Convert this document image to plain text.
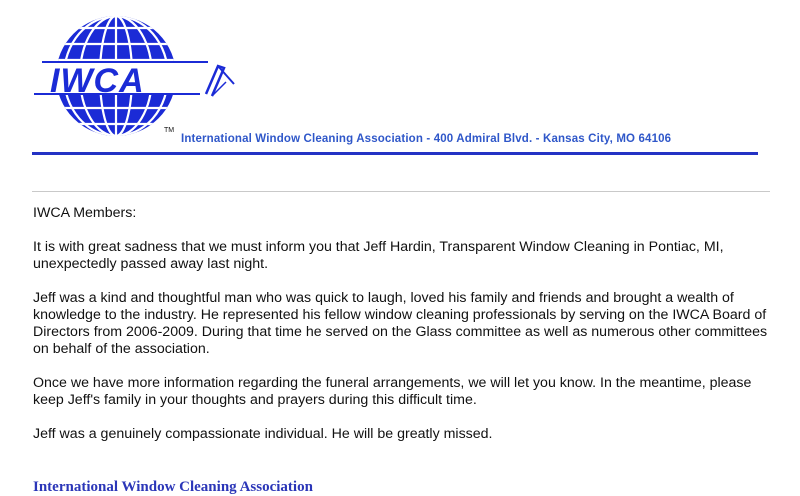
IWCA
TM
International Window Cleaning Association - 400 Admiral Blvd. - Kansas City, MO 64106

IWCA Members:

It is with great sadness that we must inform you that Jeff Hardin, Transparent Window Cleaning in Pontiac, MI, unexpectedly passed away last night.

Jeff was a kind and thoughtful man who was quick to laugh, loved his family and friends and brought a wealth of knowledge to the industry. He represented his fellow window cleaning professionals by serving on the IWCA Board of Directors from 2006-2009. During that time he served on the Glass committee as well as numerous other committees on behalf of the association.

Once we have more information regarding the funeral arrangements, we will let you know. In the meantime, please keep Jeff's family in your thoughts and prayers during this difficult time.

Jeff was a genuinely compassionate individual. He will be greatly missed.

International Window Cleaning Association
